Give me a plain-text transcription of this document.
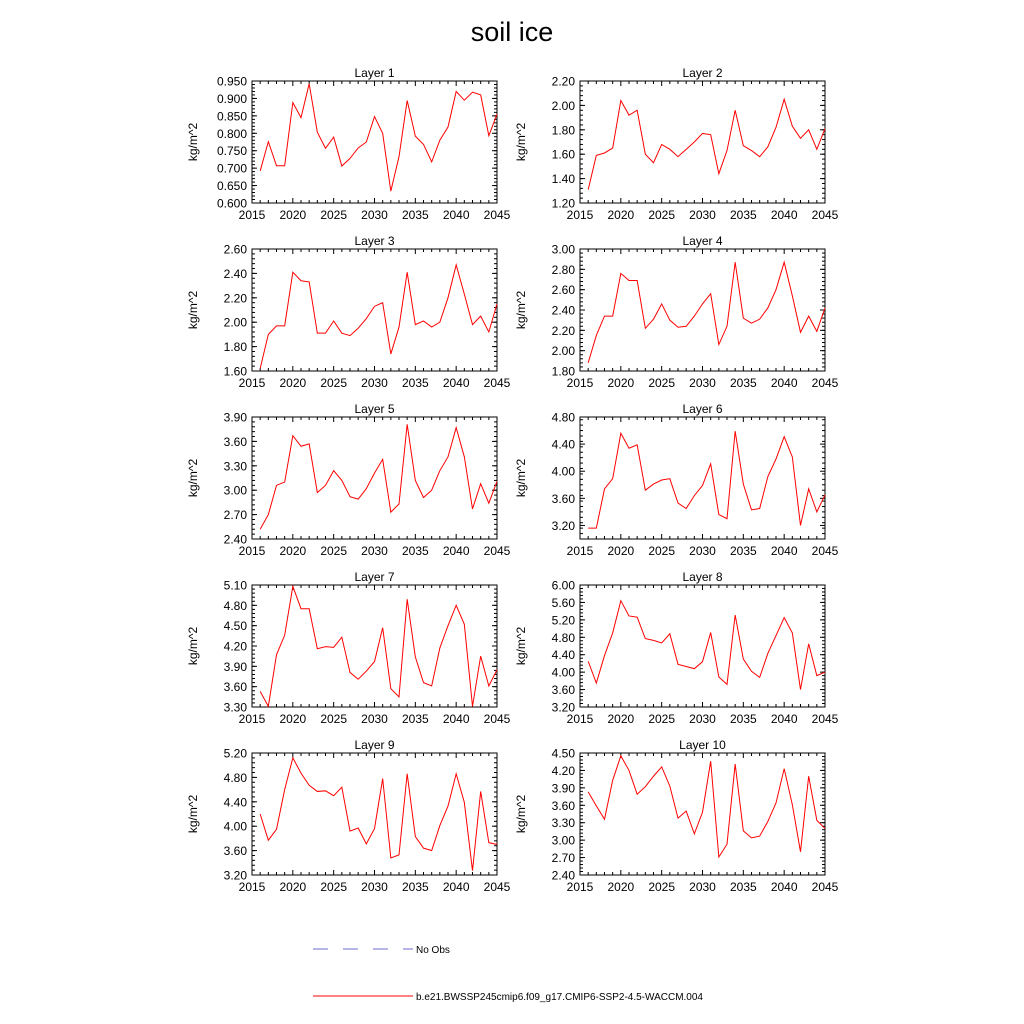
soil ice
2015 2020 2025 2030 2035 2040 2045
0.600
0.650
0.700
0.750
0.800
0.850
0.900
0.950
Layer 1
kg/m^2
2015 2020 2025 2030 2035 2040 2045
1.20
1.40
1.60
1.80
2.00
2.20
Layer 2
kg/m^2
2015 2020 2025 2030 2035 2040 2045
1.60
1.80
2.00
2.20
2.40
2.60
Layer 3
kg/m^2
2015 2020 2025 2030 2035 2040 2045
1.80
2.00
2.20
2.40
2.60
2.80
3.00
Layer 4
kg/m^2
2015 2020 2025 2030 2035 2040 2045
2.40
2.70
3.00
3.30
3.60
3.90
Layer 5
kg/m^2
2015 2020 2025 2030 2035 2040 2045
3.20
3.60
4.00
4.40
4.80
Layer 6
kg/m^2
2015 2020 2025 2030 2035 2040 2045
3.30
3.60
3.90
4.20
4.50
4.80
5.10
Layer 7
kg/m^2
2015 2020 2025 2030 2035 2040 2045
3.20
3.60
4.00
4.40
4.80
5.20
5.60
6.00
Layer 8
kg/m^2
2015 2020 2025 2030 2035 2040 2045
3.20
3.60
4.00
4.40
4.80
5.20
Layer 9
kg/m^2
2015 2020 2025 2030 2035 2040 2045
2.40
2.70
3.00
3.30
3.60
3.90
4.20
4.50
Layer 10
kg/m^2
No Obs
b.e21.BWSSP245cmip6.f09_g17.CMIP6-SSP2-4.5-WACCM.004
